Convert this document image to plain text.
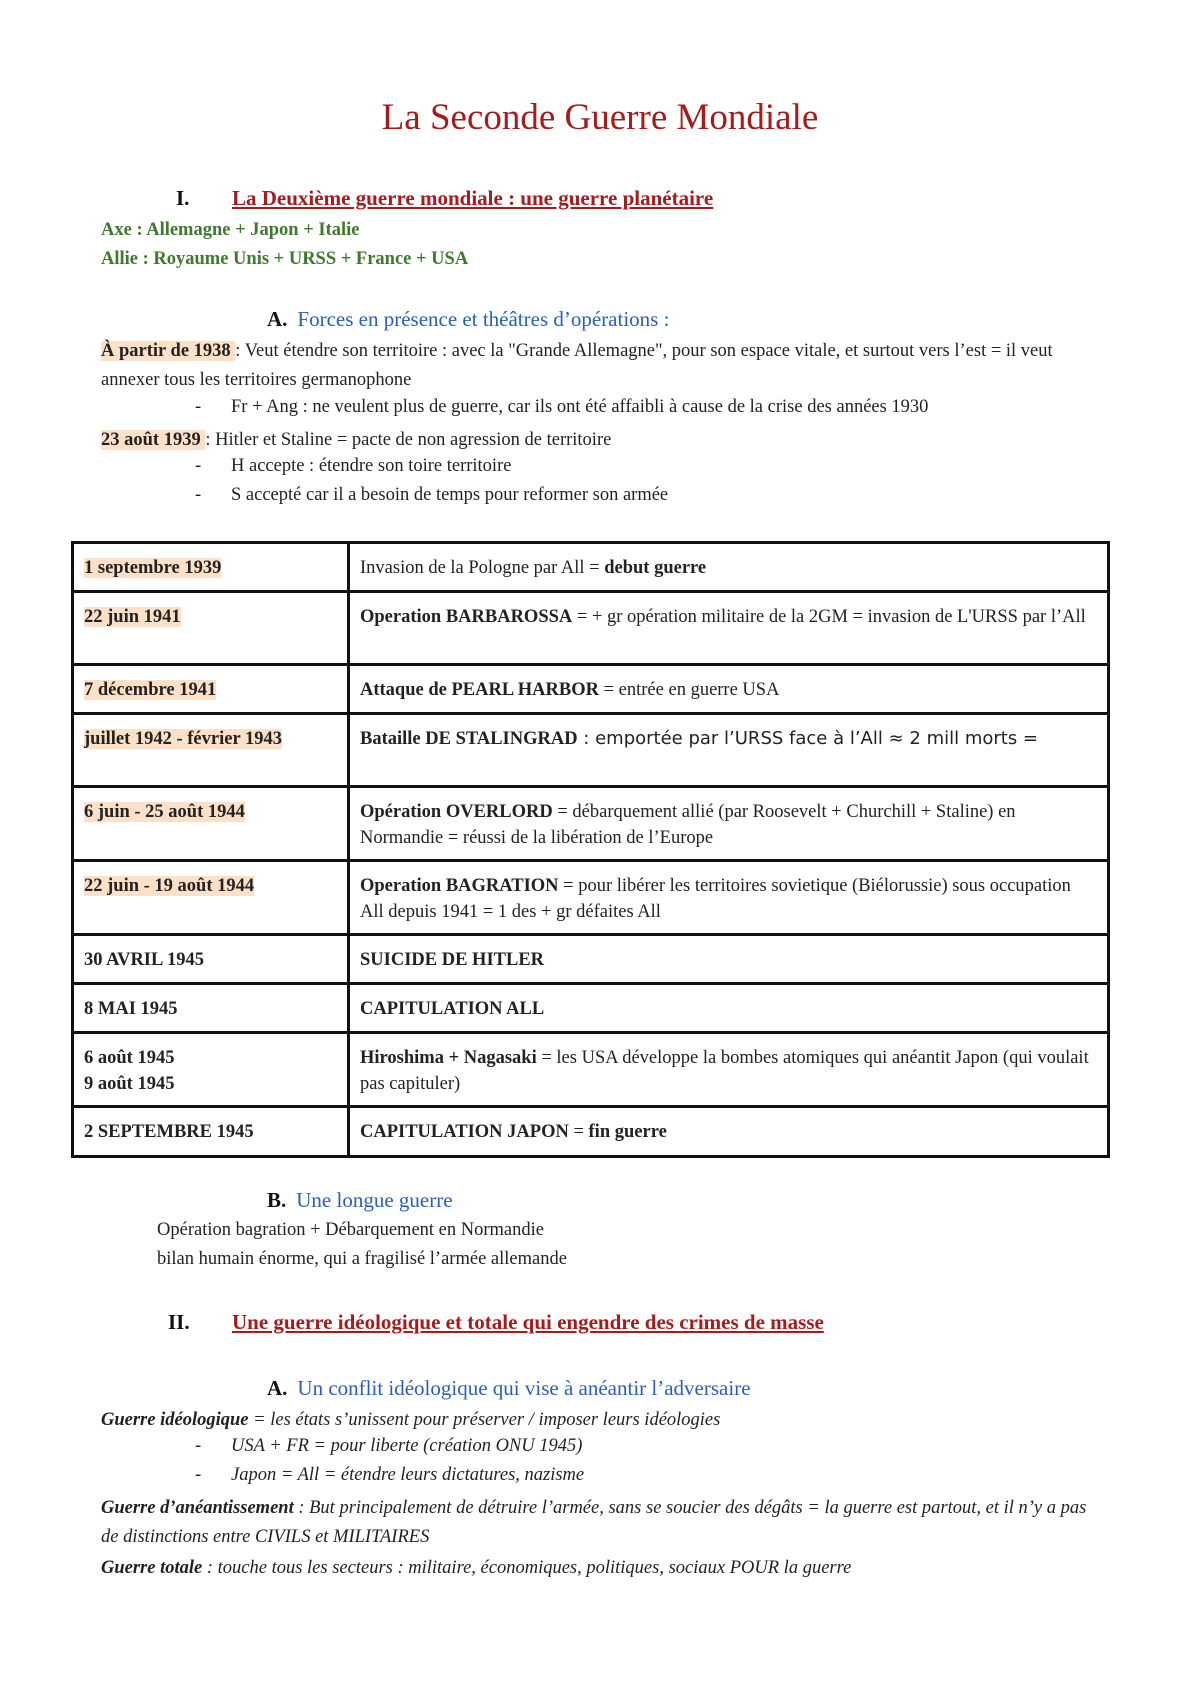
La Seconde Guerre Mondiale
I. La Deuxième guerre mondiale : une guerre planétaire
Axe : Allemagne + Japon + Italie
Allie : Royaume Unis + URSS + France + USA
A. Forces en présence et théâtres d’opérations :
À partir de 1938 : Veut étendre son territoire : avec la "Grande Allemagne", pour son espace vitale, et surtout vers l’est = il veut annexer tous les territoires germanophone
- Fr + Ang : ne veulent plus de guerre, car ils ont été affaibli à cause de la crise des années 1930
23 août 1939 : Hitler et Staline = pacte de non agression de territoire
- H accepte : étendre son toire territoire
- S accepté car il a besoin de temps pour reformer son armée
1 septembre 1939	Invasion de la Pologne par All = debut guerre
22 juin 1941	Operation BARBAROSSA = + gr opération militaire de la 2GM = invasion de L'URSS par l’All
7 décembre 1941	Attaque de PEARL HARBOR = entrée en guerre USA
juillet 1942 - février 1943	Bataille DE STALINGRAD : emportée par l’URSS face à l’All ≈ 2 mill morts =
6 juin - 25 août 1944	Opération OVERLORD = débarquement allié (par Roosevelt + Churchill + Staline) en Normandie = réussi de la libération de l’Europe
22 juin - 19 août 1944	Operation BAGRATION = pour libérer les territoires sovietique (Biélorussie) sous occupation All depuis 1941 = 1 des + gr défaites All
30 AVRIL 1945	SUICIDE DE HITLER
8 MAI 1945	CAPITULATION ALL
6 août 1945
9 août 1945	Hiroshima + Nagasaki = les USA développe la bombes atomiques qui anéantit Japon (qui voulait pas capituler)
2 SEPTEMBRE 1945	CAPITULATION JAPON = fin guerre
B. Une longue guerre
Opération bagration + Débarquement en Normandie
bilan humain énorme, qui a fragilisé l’armée allemande
II. Une guerre idéologique et totale qui engendre des crimes de masse
A. Un conflit idéologique qui vise à anéantir l’adversaire
Guerre idéologique = les états s’unissent pour préserver / imposer leurs idéologies
- USA + FR = pour liberte (création ONU 1945)
- Japon = All = étendre leurs dictatures, nazisme
Guerre d’anéantissement : But principalement de détruire l’armée, sans se soucier des dégâts = la guerre est partout, et il n’y a pas de distinctions entre CIVILS et MILITAIRES
Guerre totale : touche tous les secteurs : militaire, économiques, politiques, sociaux POUR la guerre
